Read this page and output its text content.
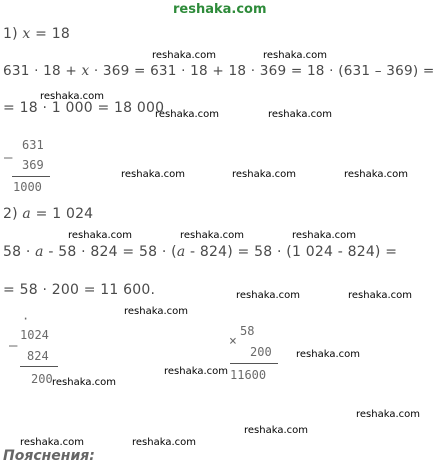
reshaka.com
1) x = 18
631 · 18 + x · 369 = 631 · 18 + 18 · 369 = 18 · (631 – 369) =
= 18 · 1 000 = 18 000
–
631
369
1000
2) a = 1 024
58 · a - 58 · 824 = 58 · (a - 824) = 58 · (1 024 - 824) =
= 58 · 200 = 11 600.
·
–
1024
824
200
×
58
200
11600
Пояснения:
reshaka.com	reshaka.com
reshaka.com
reshaka.com	reshaka.com
reshaka.com	reshaka.com	reshaka.com
reshaka.com	reshaka.com	reshaka.com
reshaka.com	reshaka.com
reshaka.com
reshaka.com
reshaka.com
reshaka.com
reshaka.com
reshaka.com
reshaka.com	reshaka.com
